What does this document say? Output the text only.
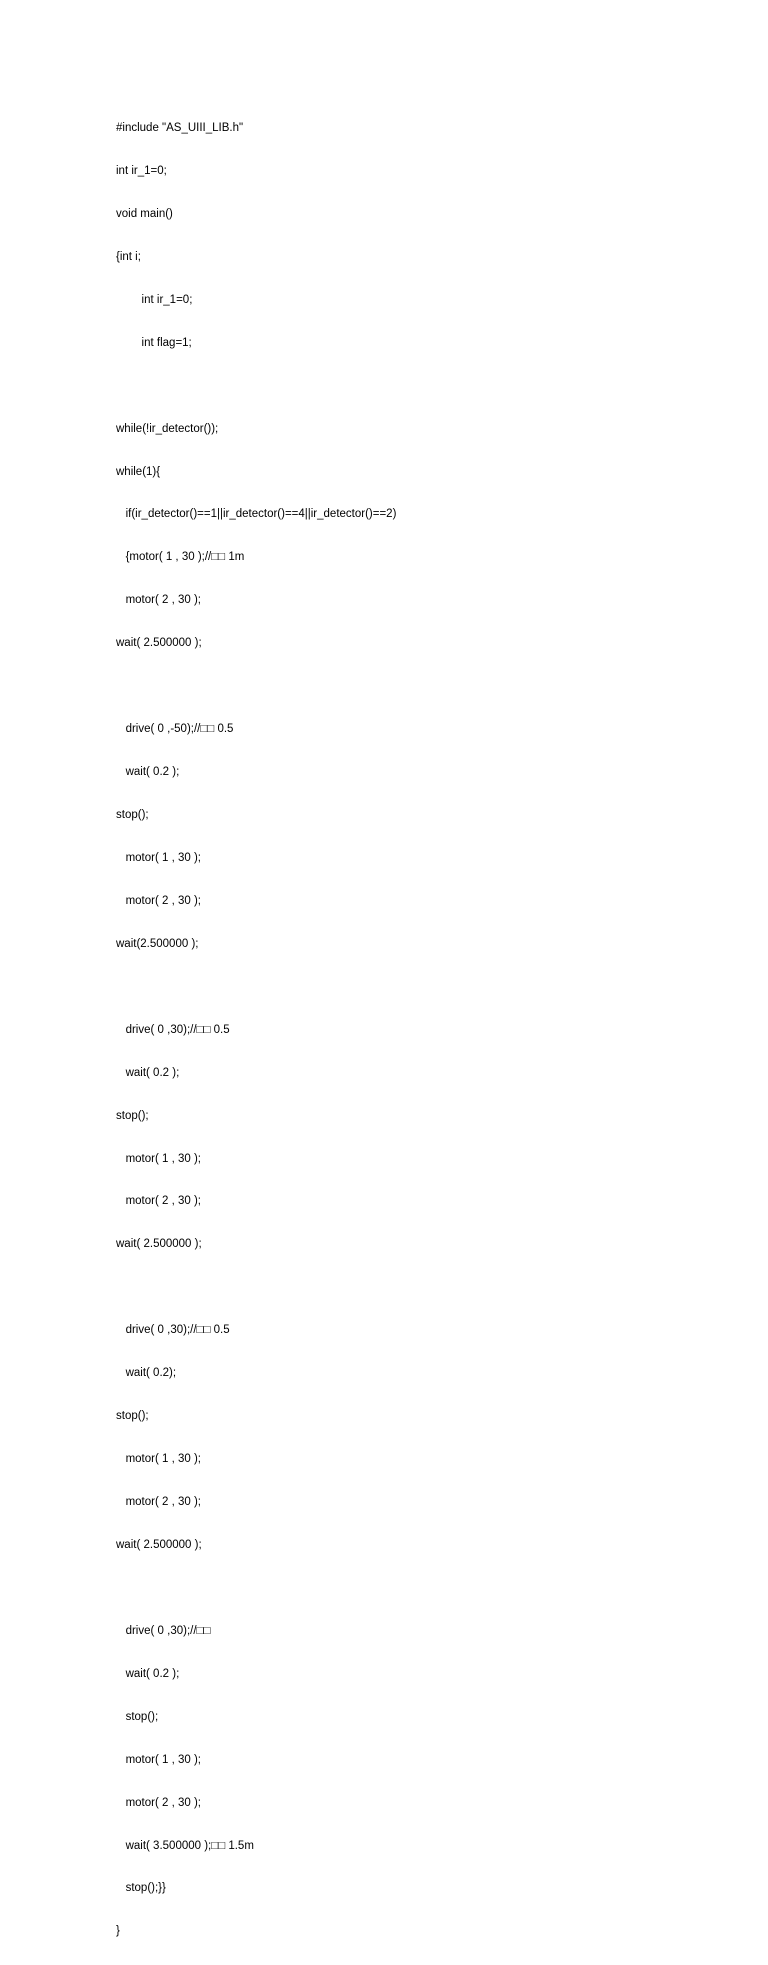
#include "AS_UIII_LIB.h"

int ir_1=0;

void main()

{int i;

int ir_1=0;

int flag=1;

while(!ir_detector());

while(1){

if(ir_detector()==1||ir_detector()==4||ir_detector()==2)

{motor( 1 , 30 );//□□ 1m

motor( 2 , 30 );

wait( 2.500000 );

drive( 0 ,-50);//□□ 0.5

wait( 0.2 );

stop();

motor( 1 , 30 );

motor( 2 , 30 );

wait(2.500000 );

drive( 0 ,30);//□□ 0.5

wait( 0.2 );

stop();

motor( 1 , 30 );

motor( 2 , 30 );

wait( 2.500000 );

drive( 0 ,30);//□□ 0.5

wait( 0.2);

stop();

motor( 1 , 30 );

motor( 2 , 30 );

wait( 2.500000 );

drive( 0 ,30);//□□

wait( 0.2 );

stop();

motor( 1 , 30 );

motor( 2 , 30 );

wait( 3.500000 );□□ 1.5m

stop();}}

}
